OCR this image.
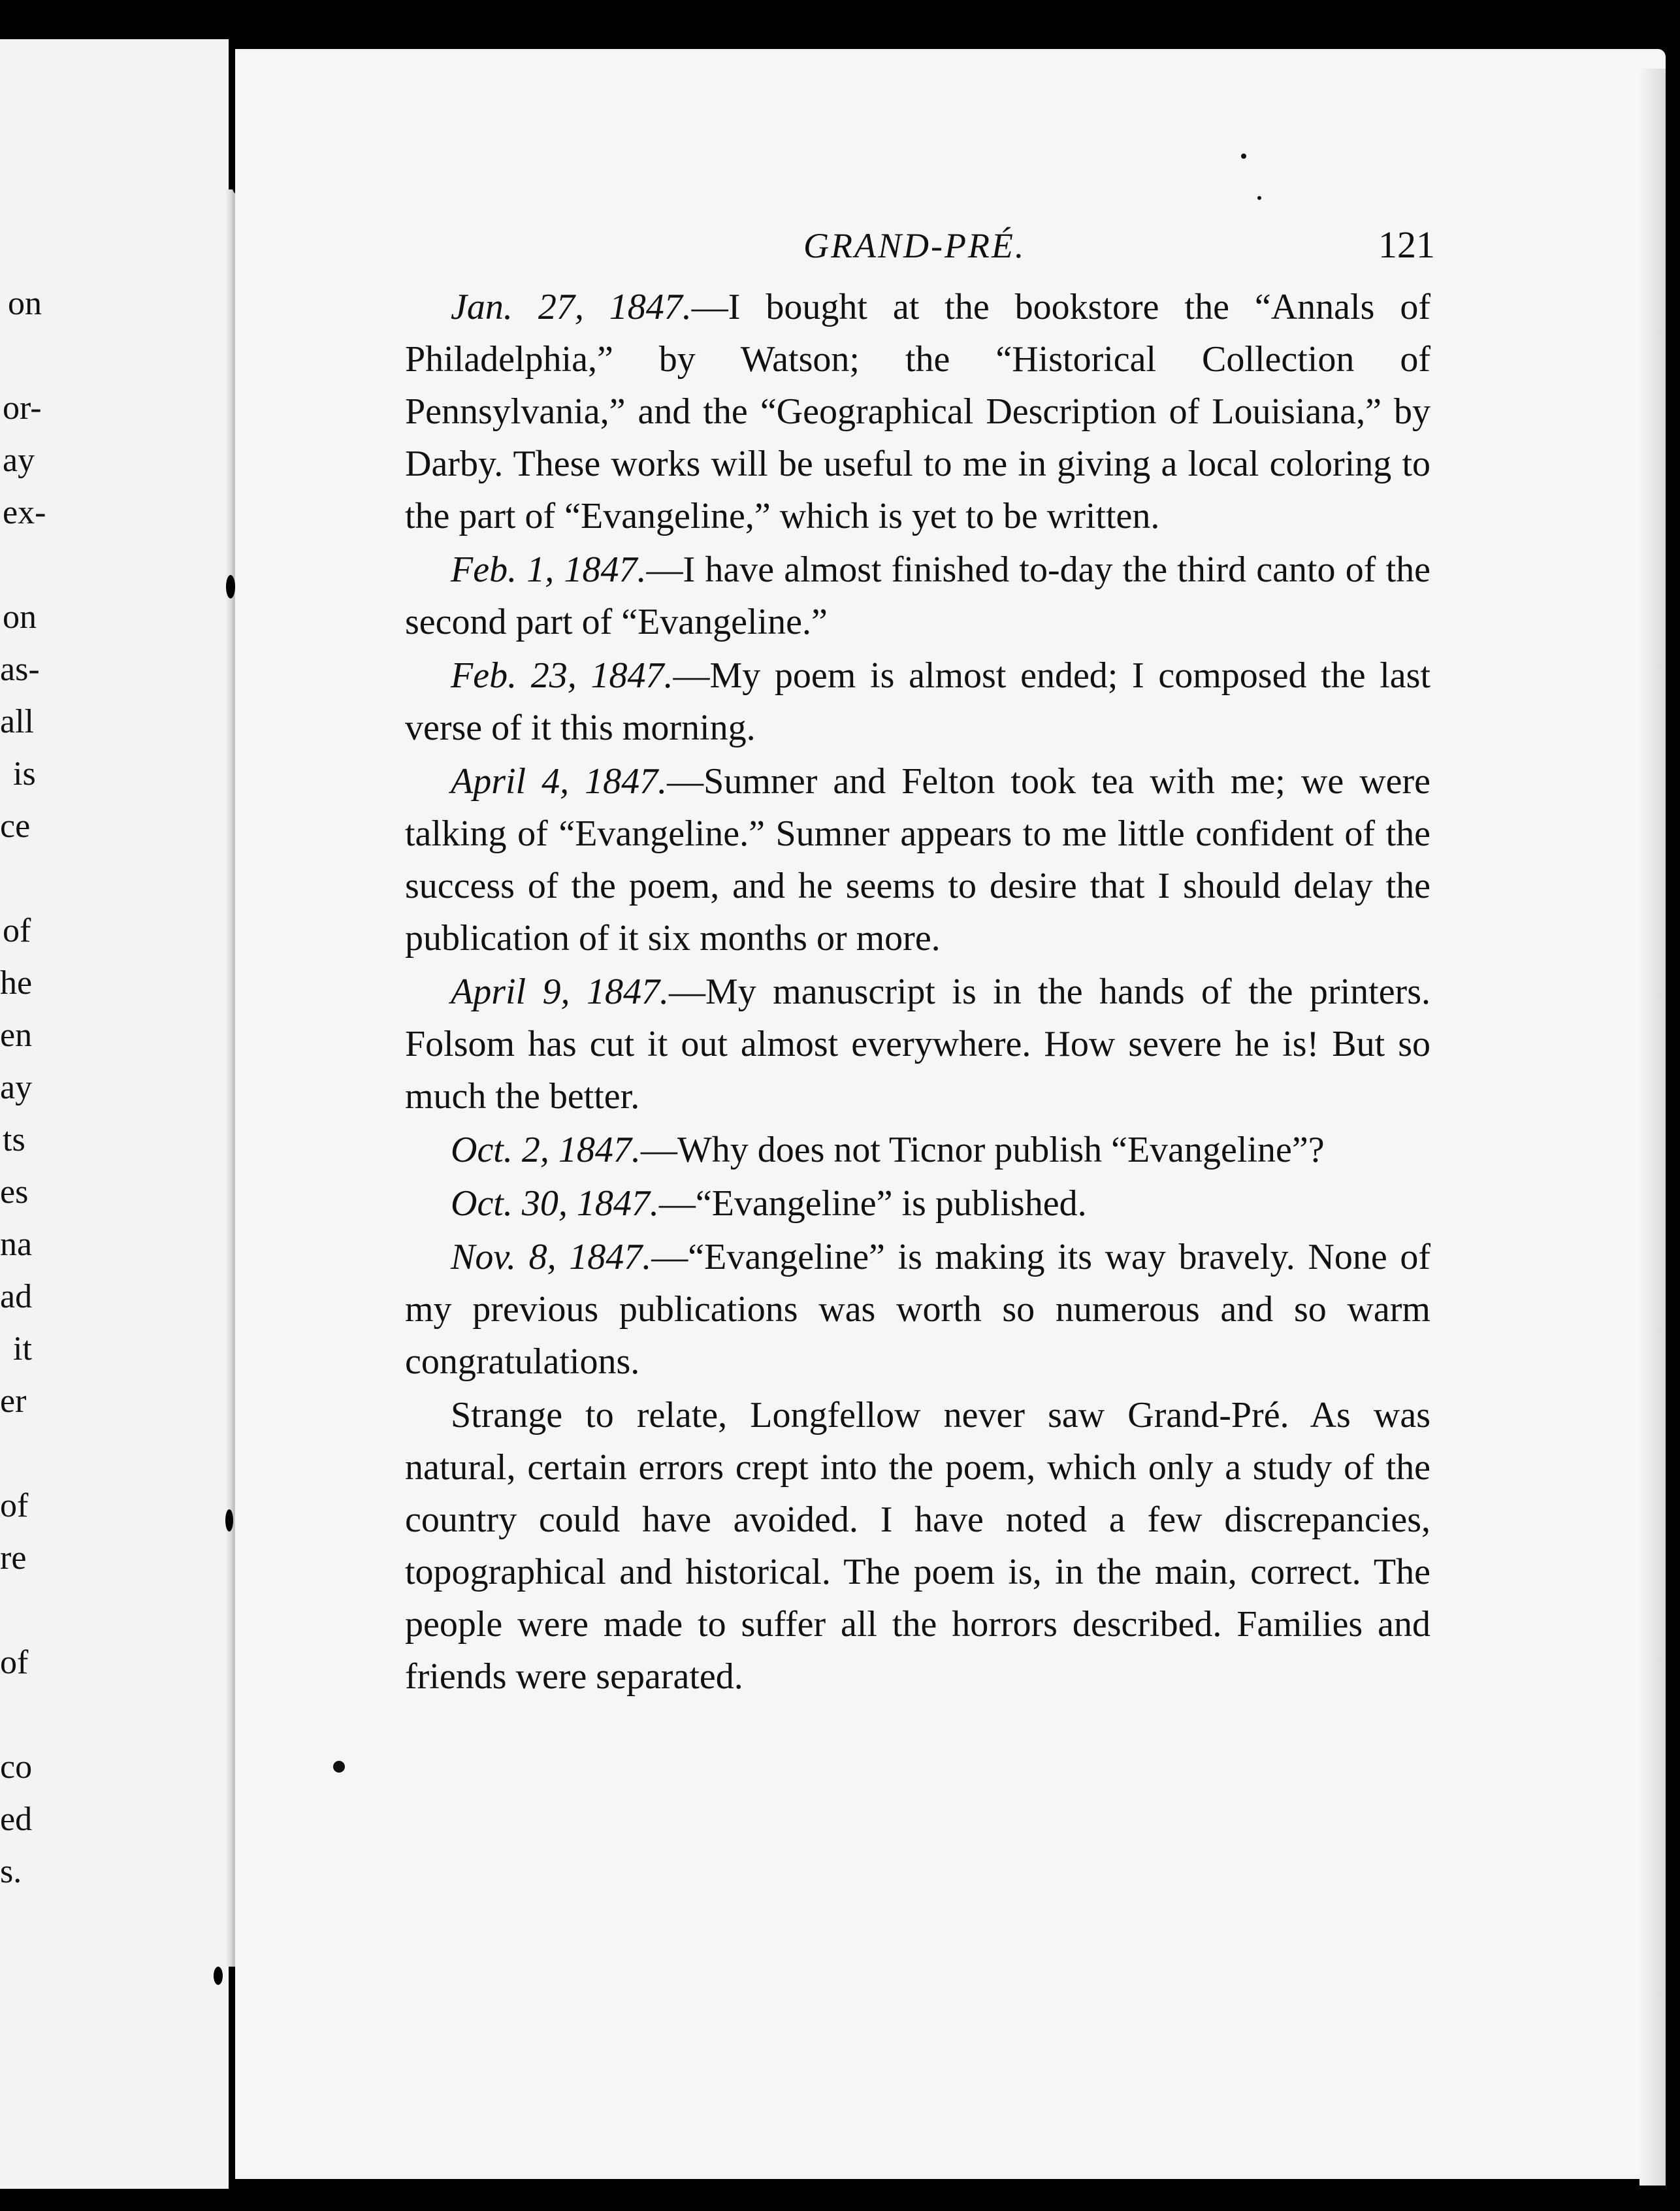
on
or-
ay
ex-
on
as-
all
is
ce
of
he
en
ay
ts
es
na
ad
it
er
of
re
of
co
ed
s.
GRAND-PRÉ.	121

Jan. 27, 1847.—I bought at the bookstore the “Annals of Philadelphia,” by Watson; the “Historical Collection of Pennsylvania,” and the “Geographical Description of Louisiana,” by Darby. These works will be useful to me in giving a local coloring to the part of “Evangeline,” which is yet to be written.

Feb. 1, 1847.—I have almost finished to-day the third canto of the second part of “Evangeline.”

Feb. 23, 1847.—My poem is almost ended; I composed the last verse of it this morning.

April 4, 1847.—Sumner and Felton took tea with me; we were talking of “Evangeline.” Sumner appears to me little confident of the success of the poem, and he seems to desire that I should delay the publication of it six months or more.

April 9, 1847.—My manuscript is in the hands of the printers. Folsom has cut it out almost everywhere. How severe he is! But so much the better.

Oct. 2, 1847.—Why does not Ticnor publish “Evangeline”?

Oct. 30, 1847.—“Evangeline” is published.

Nov. 8, 1847.—“Evangeline” is making its way bravely. None of my previous publications was worth so numerous and so warm congratulations.

Strange to relate, Longfellow never saw Grand-Pré. As was natural, certain errors crept into the poem, which only a study of the country could have avoided. I have noted a few discrepancies, topographical and historical. The poem is, in the main, correct. The people were made to suffer all the horrors described. Families and friends were separated.
